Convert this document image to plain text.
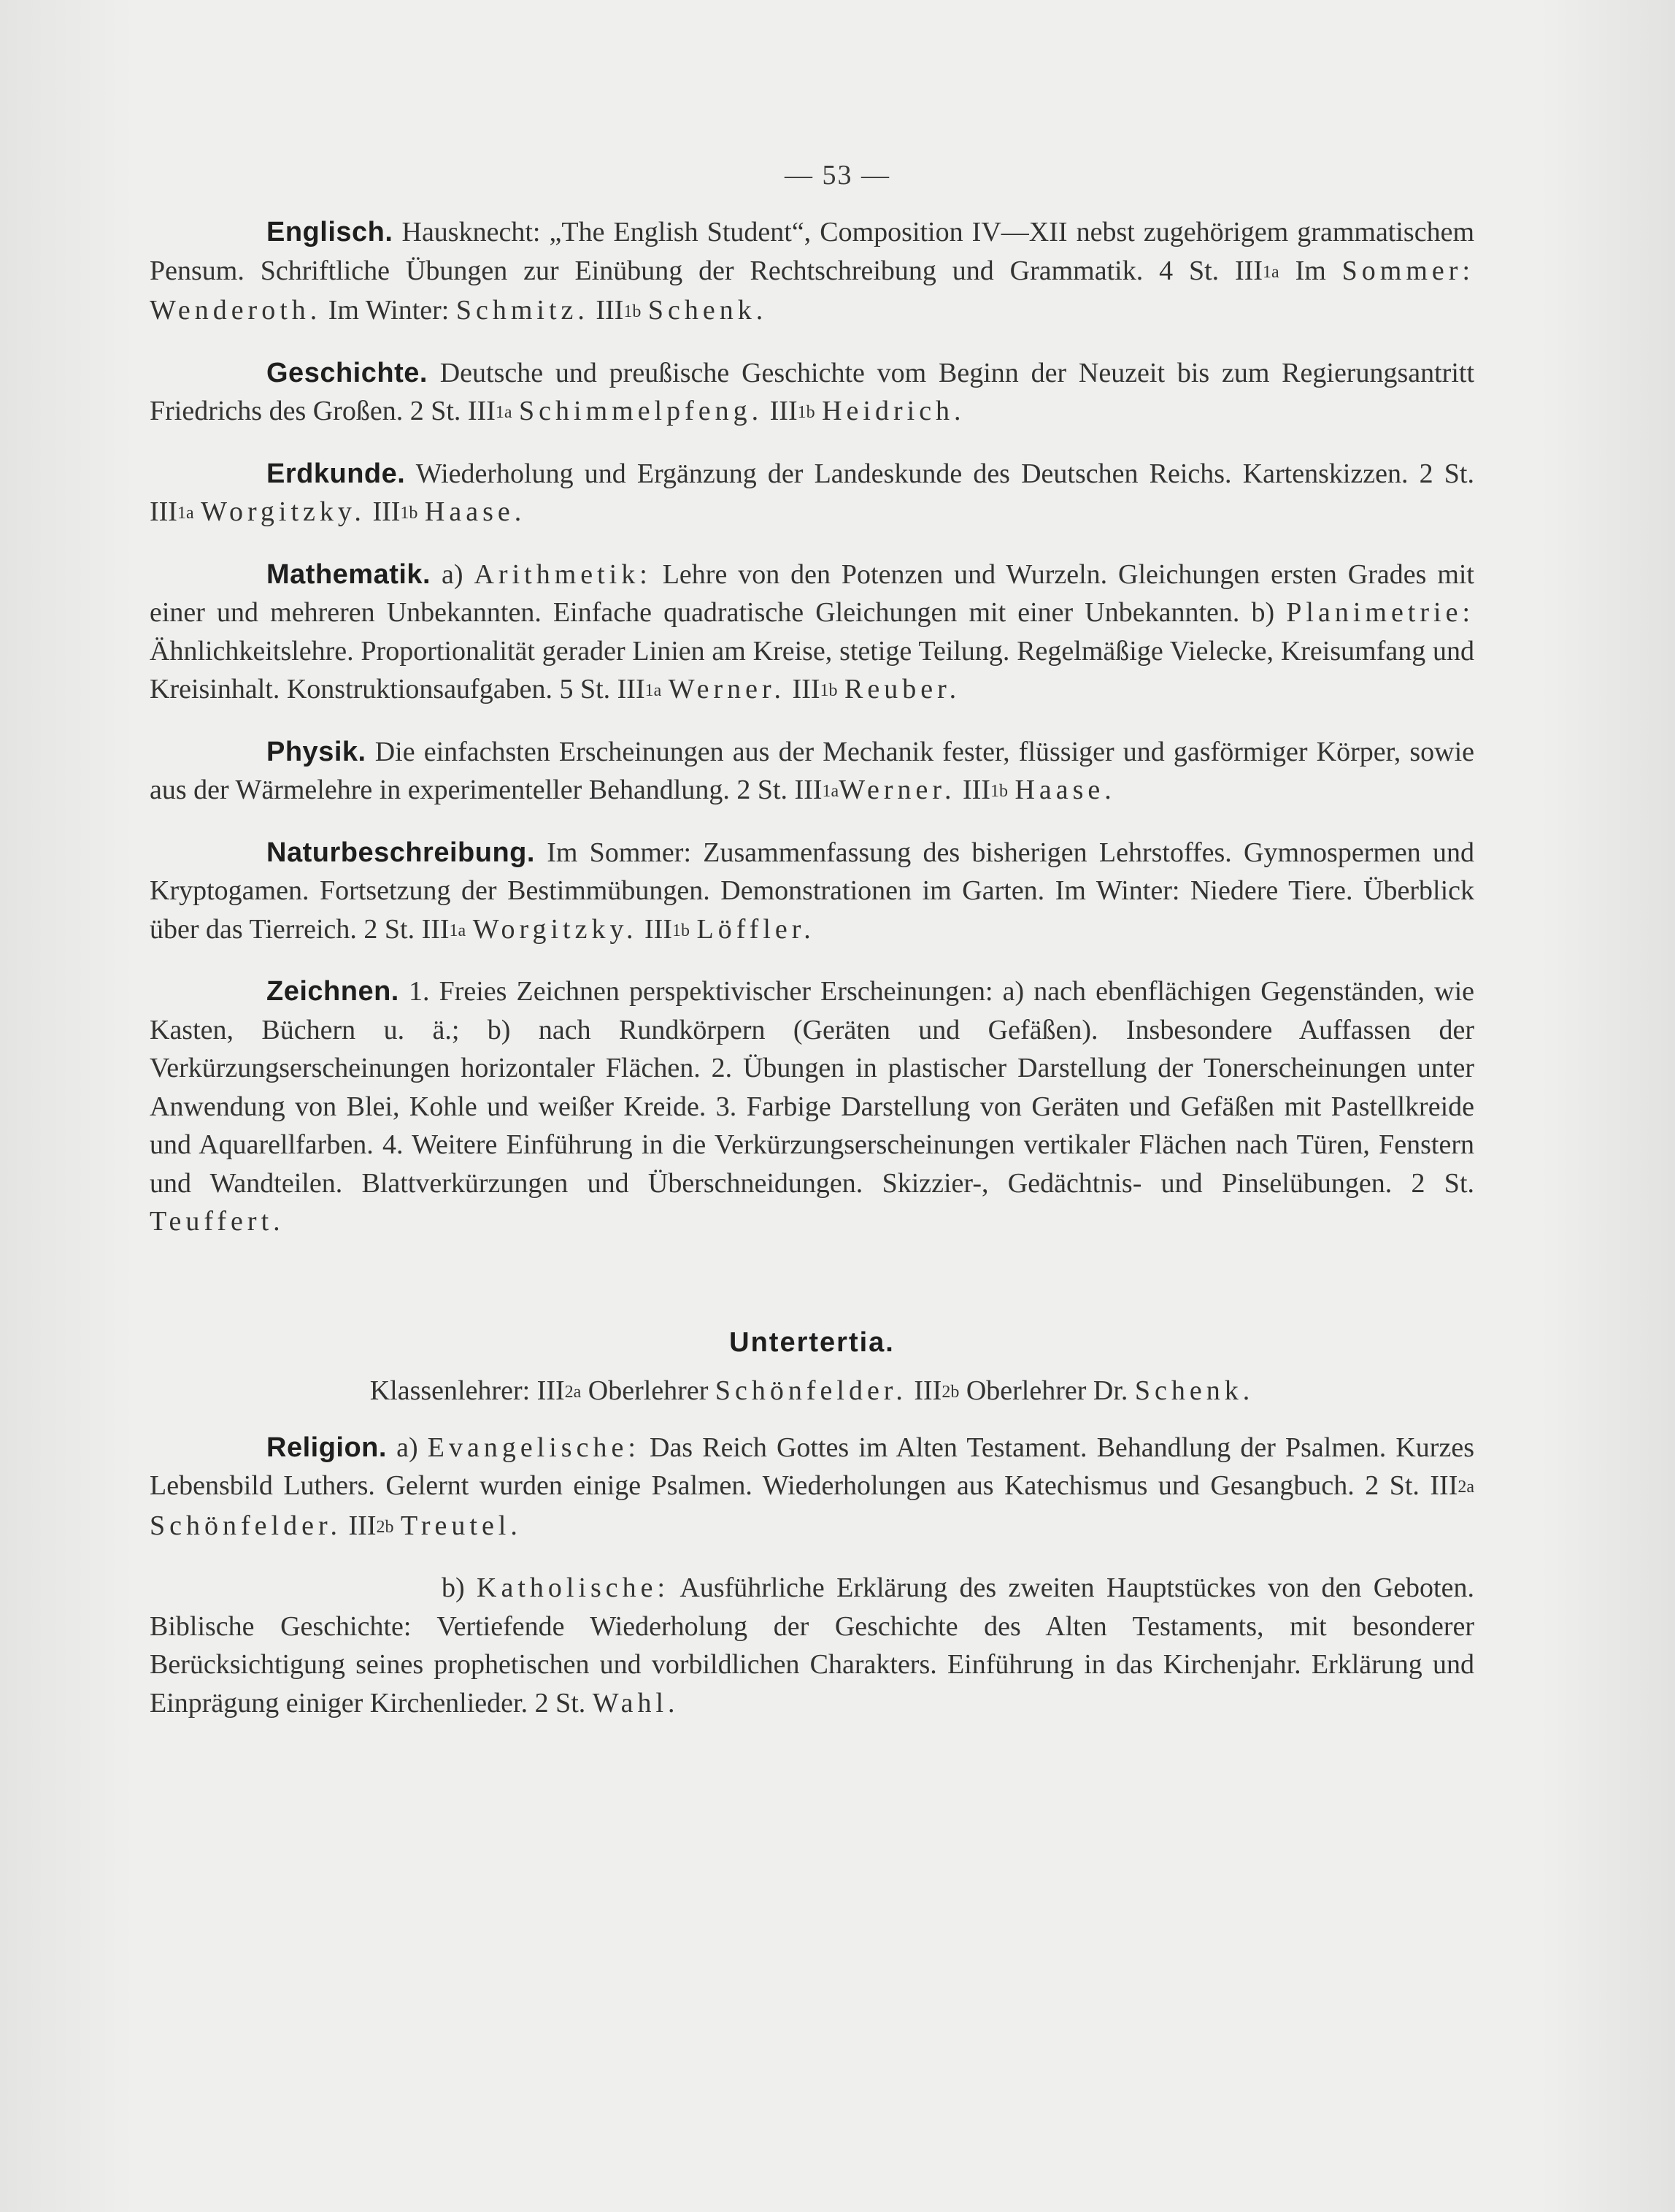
— 53 —

Englisch. Hausknecht: „The English Student“, Composition IV—XII nebst zugehörigem grammatischem Pensum. Schriftliche Übungen zur Einübung der Rechtschreibung und Grammatik. 4 St. III1a Im Sommer: Wenderoth. Im Winter: Schmitz. III1b Schenk.

Geschichte. Deutsche und preußische Geschichte vom Beginn der Neuzeit bis zum Regierungsantritt Friedrichs des Großen. 2 St. III1a Schimmelpfeng. III1b Heidrich.

Erdkunde. Wiederholung und Ergänzung der Landeskunde des Deutschen Reichs. Kartenskizzen. 2 St. III1a Worgitzky. III1b Haase.

Mathematik. a) Arithmetik: Lehre von den Potenzen und Wurzeln. Gleichungen ersten Grades mit einer und mehreren Unbekannten. Einfache quadratische Gleichungen mit einer Unbekannten. b) Planimetrie: Ähnlichkeitslehre. Proportionalität gerader Linien am Kreise, stetige Teilung. Regelmäßige Vielecke, Kreisumfang und Kreisinhalt. Konstruktionsaufgaben. 5 St. III1a Werner. III1b Reuber.

Physik. Die einfachsten Erscheinungen aus der Mechanik fester, flüssiger und gasförmiger Körper, sowie aus der Wärmelehre in experimenteller Behandlung. 2 St. III1aWerner. III1b Haase.

Naturbeschreibung. Im Sommer: Zusammenfassung des bisherigen Lehrstoffes. Gymnospermen und Kryptogamen. Fortsetzung der Bestimmübungen. Demonstrationen im Garten. Im Winter: Niedere Tiere. Überblick über das Tierreich. 2 St. III1a Worgitzky. III1b Löffler.

Zeichnen. 1. Freies Zeichnen perspektivischer Erscheinungen: a) nach ebenflächigen Gegenständen, wie Kasten, Büchern u. ä.; b) nach Rundkörpern (Geräten und Gefäßen). Insbesondere Auffassen der Verkürzungserscheinungen horizontaler Flächen. 2. Übungen in plastischer Darstellung der Tonerscheinungen unter Anwendung von Blei, Kohle und weißer Kreide. 3. Farbige Darstellung von Geräten und Gefäßen mit Pastellkreide und Aquarellfarben. 4. Weitere Einführung in die Verkürzungserscheinungen vertikaler Flächen nach Türen, Fenstern und Wandteilen. Blattverkürzungen und Überschneidungen. Skizzier-, Gedächtnis- und Pinselübungen. 2 St. Teuffert.

Untertertia.

Klassenlehrer: III2a Oberlehrer Schönfelder. III2b Oberlehrer Dr. Schenk.

Religion. a) Evangelische: Das Reich Gottes im Alten Testament. Behandlung der Psalmen. Kurzes Lebensbild Luthers. Gelernt wurden einige Psalmen. Wiederholungen aus Katechismus und Gesangbuch. 2 St. III2a Schönfelder. III2b Treutel.

b) Katholische: Ausführliche Erklärung des zweiten Hauptstückes von den Geboten. Biblische Geschichte: Vertiefende Wiederholung der Geschichte des Alten Testaments, mit besonderer Berücksichtigung seines prophetischen und vorbildlichen Charakters. Einführung in das Kirchenjahr. Erklärung und Einprägung einiger Kirchenlieder. 2 St. Wahl.
